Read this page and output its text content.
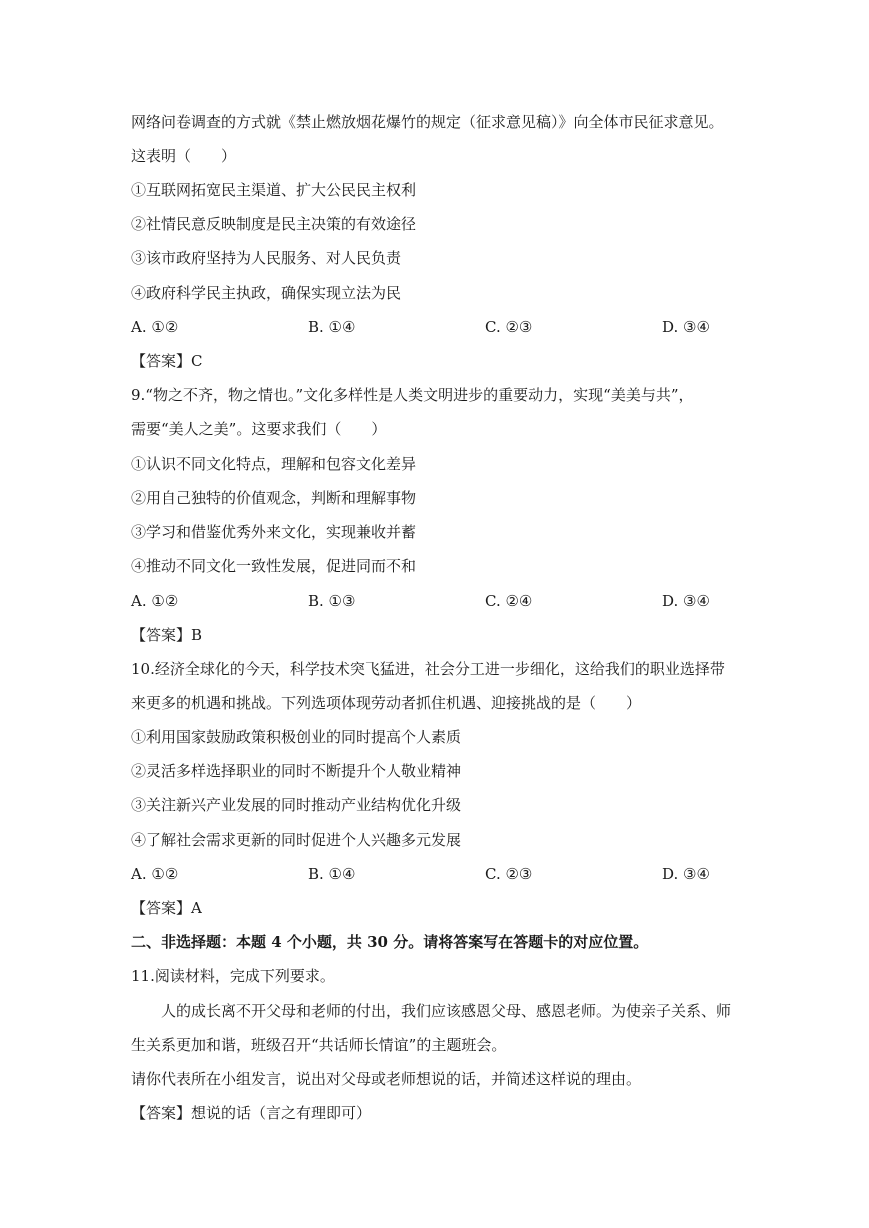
网络问卷调查的方式就《禁止燃放烟花爆竹的规定（征求意见稿）》向全体市民征求意见。
这表明（　　）
①互联网拓宽民主渠道、扩大公民民主权利
②社情民意反映制度是民主决策的有效途径
③该市政府坚持为人民服务、对人民负责
④政府科学民主执政，确保实现立法为民
A. ①②	B. ①④	C. ②③	D. ③④
【答案】C
9.“物之不齐，物之情也。”文化多样性是人类文明进步的重要动力，实现“美美与共”，
需要“美人之美”。这要求我们（　　）
①认识不同文化特点，理解和包容文化差异
②用自己独特的价值观念，判断和理解事物
③学习和借鉴优秀外来文化，实现兼收并蓄
④推动不同文化一致性发展，促进同而不和
A. ①②	B. ①③	C. ②④	D. ③④
【答案】B
10.经济全球化的今天，科学技术突飞猛进，社会分工进一步细化，这给我们的职业选择带
来更多的机遇和挑战。下列选项体现劳动者抓住机遇、迎接挑战的是（　　）
①利用国家鼓励政策积极创业的同时提高个人素质
②灵活多样选择职业的同时不断提升个人敬业精神
③关注新兴产业发展的同时推动产业结构优化升级
④了解社会需求更新的同时促进个人兴趣多元发展
A. ①②	B. ①④	C. ②③	D. ③④
【答案】A
二、非选择题：本题 4 个小题，共 30 分。请将答案写在答题卡的对应位置。
11.阅读材料，完成下列要求。
人的成长离不开父母和老师的付出，我们应该感恩父母、感恩老师。为使亲子关系、师
生关系更加和谐，班级召开“共话师长情谊”的主题班会。
请你代表所在小组发言，说出对父母或老师想说的话，并简述这样说的理由。
【答案】想说的话（言之有理即可）
